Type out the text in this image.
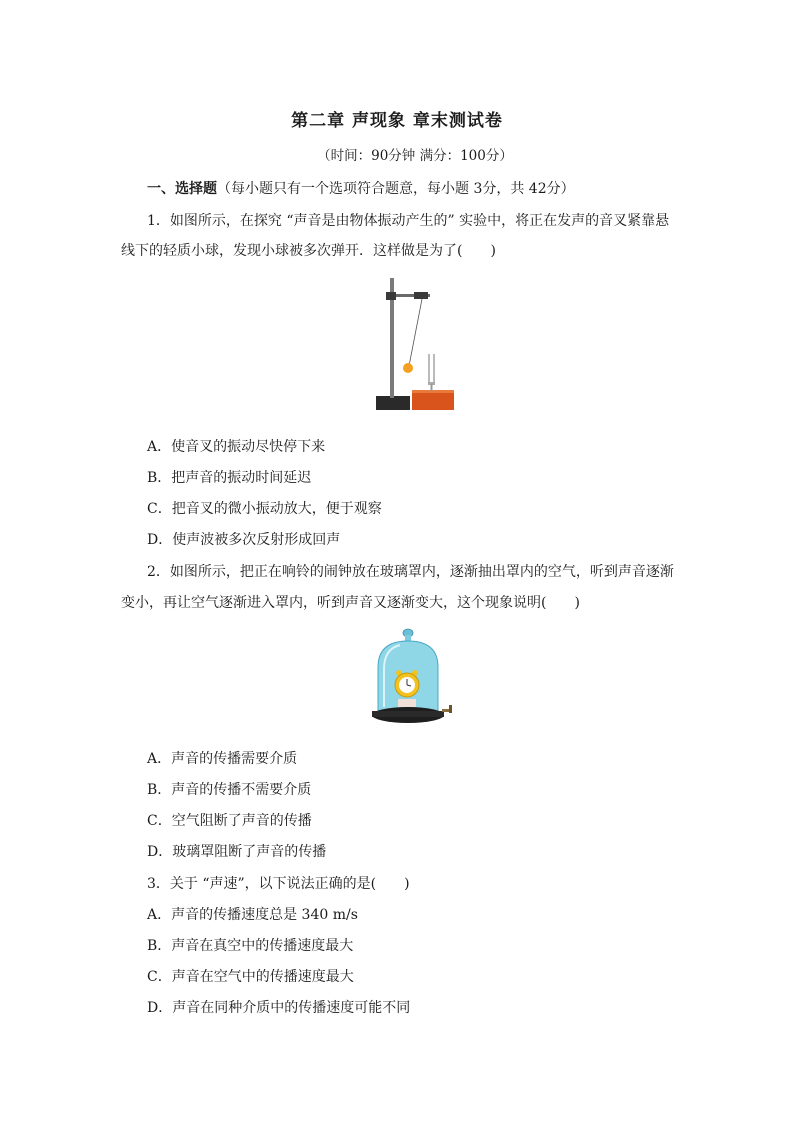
第二章 声现象 章末测试卷
（时间：90分钟 满分：100分）
一、选择题（每小题只有一个选项符合题意，每小题 3分，共 42分）
1．如图所示，在探究 “声音是由物体振动产生的” 实验中，将正在发声的音叉紧靠悬
线下的轻质小球，发现小球被多次弹开．这样做是为了( )
A．使音叉的振动尽快停下来
B．把声音的振动时间延迟
C．把音叉的微小振动放大，便于观察
D．使声波被多次反射形成回声
2．如图所示，把正在响铃的闹钟放在玻璃罩内，逐渐抽出罩内的空气，听到声音逐渐
变小，再让空气逐渐进入罩内，听到声音又逐渐变大，这个现象说明( )
A．声音的传播需要介质
B．声音的传播不需要介质
C．空气阻断了声音的传播
D．玻璃罩阻断了声音的传播
3．关于 “声速”，以下说法正确的是( )
A．声音的传播速度总是 340 m/s
B．声音在真空中的传播速度最大
C．声音在空气中的传播速度最大
D．声音在同种介质中的传播速度可能不同
